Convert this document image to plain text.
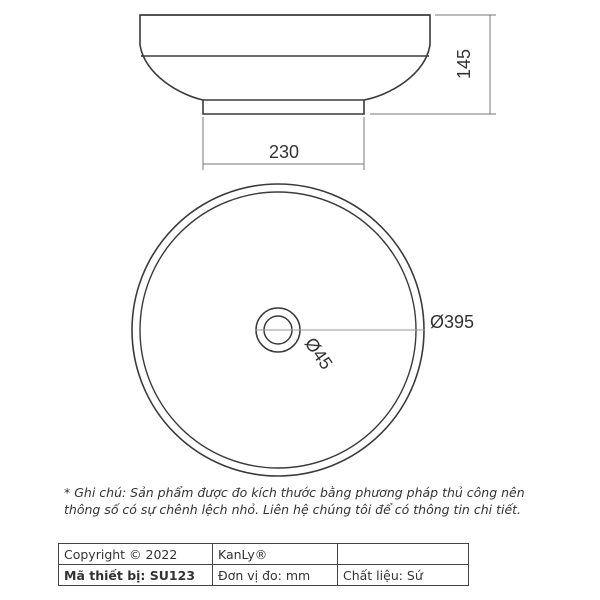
145
230
Ø395
Ø45
* Ghi chú: Sản phẩm được đo kích thước bằng phương pháp thủ công nên thông số có sự chênh lệch nhỏ. Liên hệ chúng tôi để có thông tin chi tiết.
Copyright © 2022	KanLy®	
Mã thiết bị: SU123	Đơn vị đo: mm	Chất liệu: Sứ
